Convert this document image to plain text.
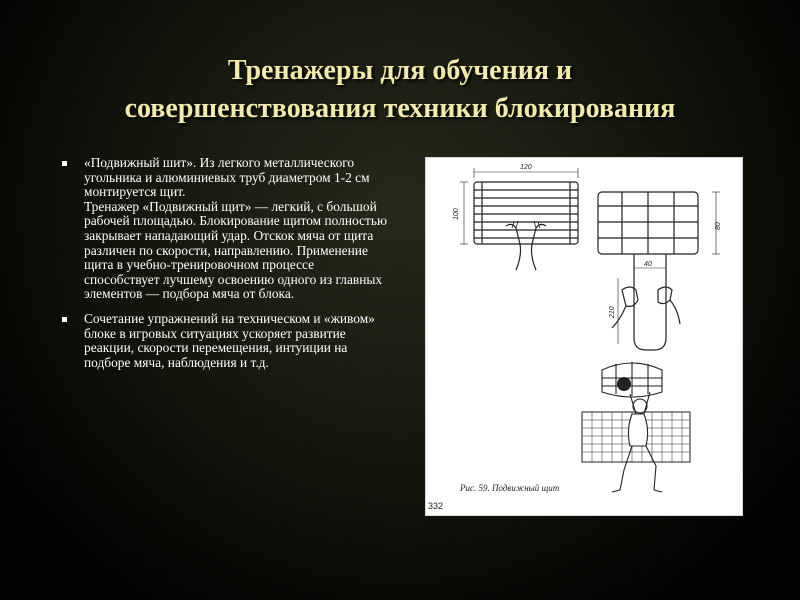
Тренажеры для обучения и
совершенствования техники блокирования

«Подвижный шит». Из легкого металлического угольника и алюминиевых труб диаметром 1-2 см монтируется щит.

Тренажер «Подвижный щит» — легкий, с большой рабочей площадью. Блокирование щитом полностью закрывает нападающий удар. Отскок мяча от щита различен по скорости, направлению. Применение щита в учебно-тренировочном процессе способствует лучшему освоению одного из главных элементов — подбора мяча от блока.

Сочетание упражнений на техническом и «живом» блоке в игровых ситуациях ускоряет развитие реакции, скорости перемещения, интуиции на подборе мяча, наблюдения и т.д.

120
100
80
40
210
Рис. 59. Подвижный щит
332
